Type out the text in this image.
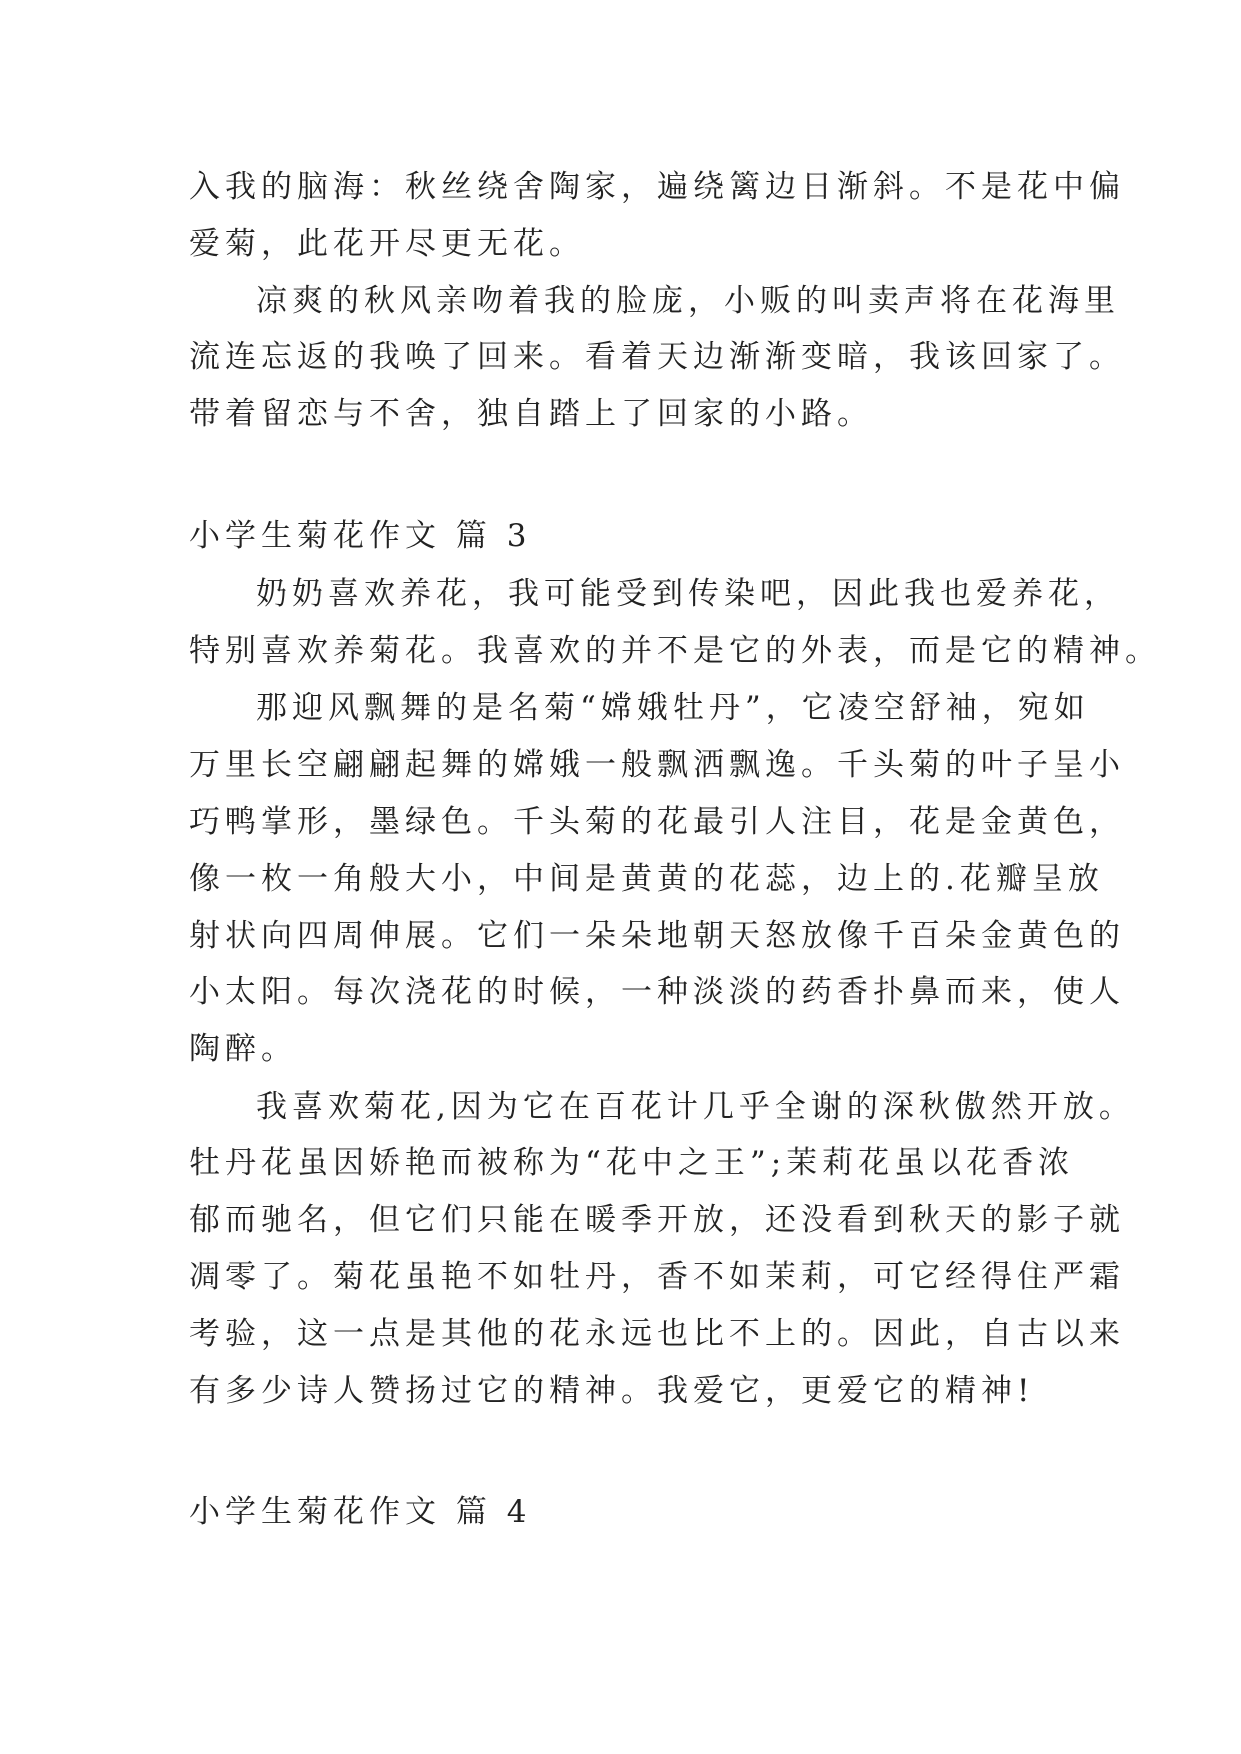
入我的脑海：秋丝绕舍陶家，遍绕篱边日渐斜。不是花中偏
爱菊，此花开尽更无花。
凉爽的秋风亲吻着我的脸庞，小贩的叫卖声将在花海里
流连忘返的我唤了回来。看着天边渐渐变暗，我该回家了。
带着留恋与不舍，独自踏上了回家的小路。
小学生菊花作文 篇 3
奶奶喜欢养花，我可能受到传染吧，因此我也爱养花，
特别喜欢养菊花。我喜欢的并不是它的外表，而是它的精神。
那迎风飘舞的是名菊“嫦娥牡丹”，它凌空舒袖，宛如
万里长空翩翩起舞的嫦娥一般飘洒飘逸。千头菊的叶子呈小
巧鸭掌形，墨绿色。千头菊的花最引人注目，花是金黄色，
像一枚一角般大小，中间是黄黄的花蕊，边上的.花瓣呈放
射状向四周伸展。它们一朵朵地朝天怒放像千百朵金黄色的
小太阳。每次浇花的时候，一种淡淡的药香扑鼻而来，使人
陶醉。
我喜欢菊花,因为它在百花计几乎全谢的深秋傲然开放。
牡丹花虽因娇艳而被称为“花中之王”;茉莉花虽以花香浓
郁而驰名，但它们只能在暖季开放，还没看到秋天的影子就
凋零了。菊花虽艳不如牡丹，香不如茉莉，可它经得住严霜
考验，这一点是其他的花永远也比不上的。因此，自古以来
有多少诗人赞扬过它的精神。我爱它，更爱它的精神!
小学生菊花作文 篇 4
